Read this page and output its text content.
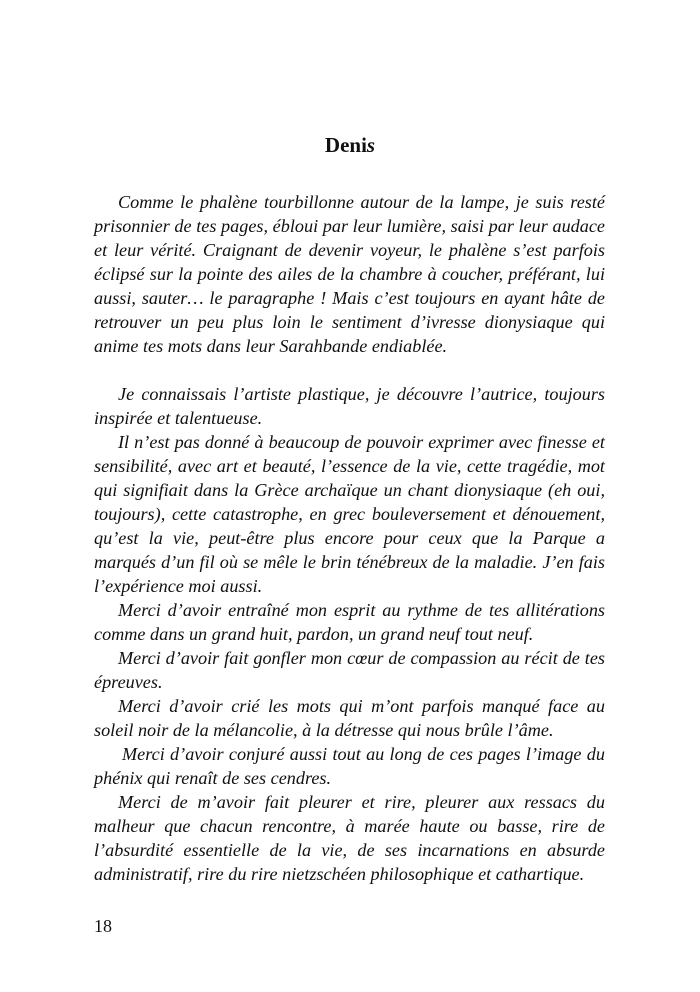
Denis

Comme le phalène tourbillonne autour de la lampe, je suis resté prisonnier de tes pages, ébloui par leur lumière, saisi par leur audace et leur vérité. Craignant de devenir voyeur, le phalène s’est parfois éclipsé sur la pointe des ailes de la chambre à coucher, préférant, lui aussi, sauter… le paragraphe ! Mais c’est toujours en ayant hâte de retrouver un peu plus loin le sentiment d’ivresse dionysiaque qui anime tes mots dans leur Sarahbande endiablée.

Je connaissais l’artiste plastique, je découvre l’autrice, toujours inspirée et talentueuse.

Il n’est pas donné à beaucoup de pouvoir exprimer avec finesse et sensibilité, avec art et beauté, l’essence de la vie, cette tragédie, mot qui signifiait dans la Grèce archaïque un chant dionysiaque (eh oui, toujours), cette catastrophe, en grec bouleversement et dénouement, qu’est la vie, peut-être plus encore pour ceux que la Parque a marqués d’un fil où se mêle le brin ténébreux de la maladie. J’en fais l’expérience moi aussi.

Merci d’avoir entraîné mon esprit au rythme de tes allitérations comme dans un grand huit, pardon, un grand neuf tout neuf.

Merci d’avoir fait gonfler mon cœur de compassion au récit de tes épreuves.

Merci d’avoir crié les mots qui m’ont parfois manqué face au soleil noir de la mélancolie, à la détresse qui nous brûle l’âme.

Merci d’avoir conjuré aussi tout au long de ces pages l’image du phénix qui renaît de ses cendres.

Merci de m’avoir fait pleurer et rire, pleurer aux ressacs du malheur que chacun rencontre, à marée haute ou basse, rire de l’absurdité essentielle de la vie, de ses incarnations en absurde administratif, rire du rire nietzschéen philosophique et cathartique.

18
